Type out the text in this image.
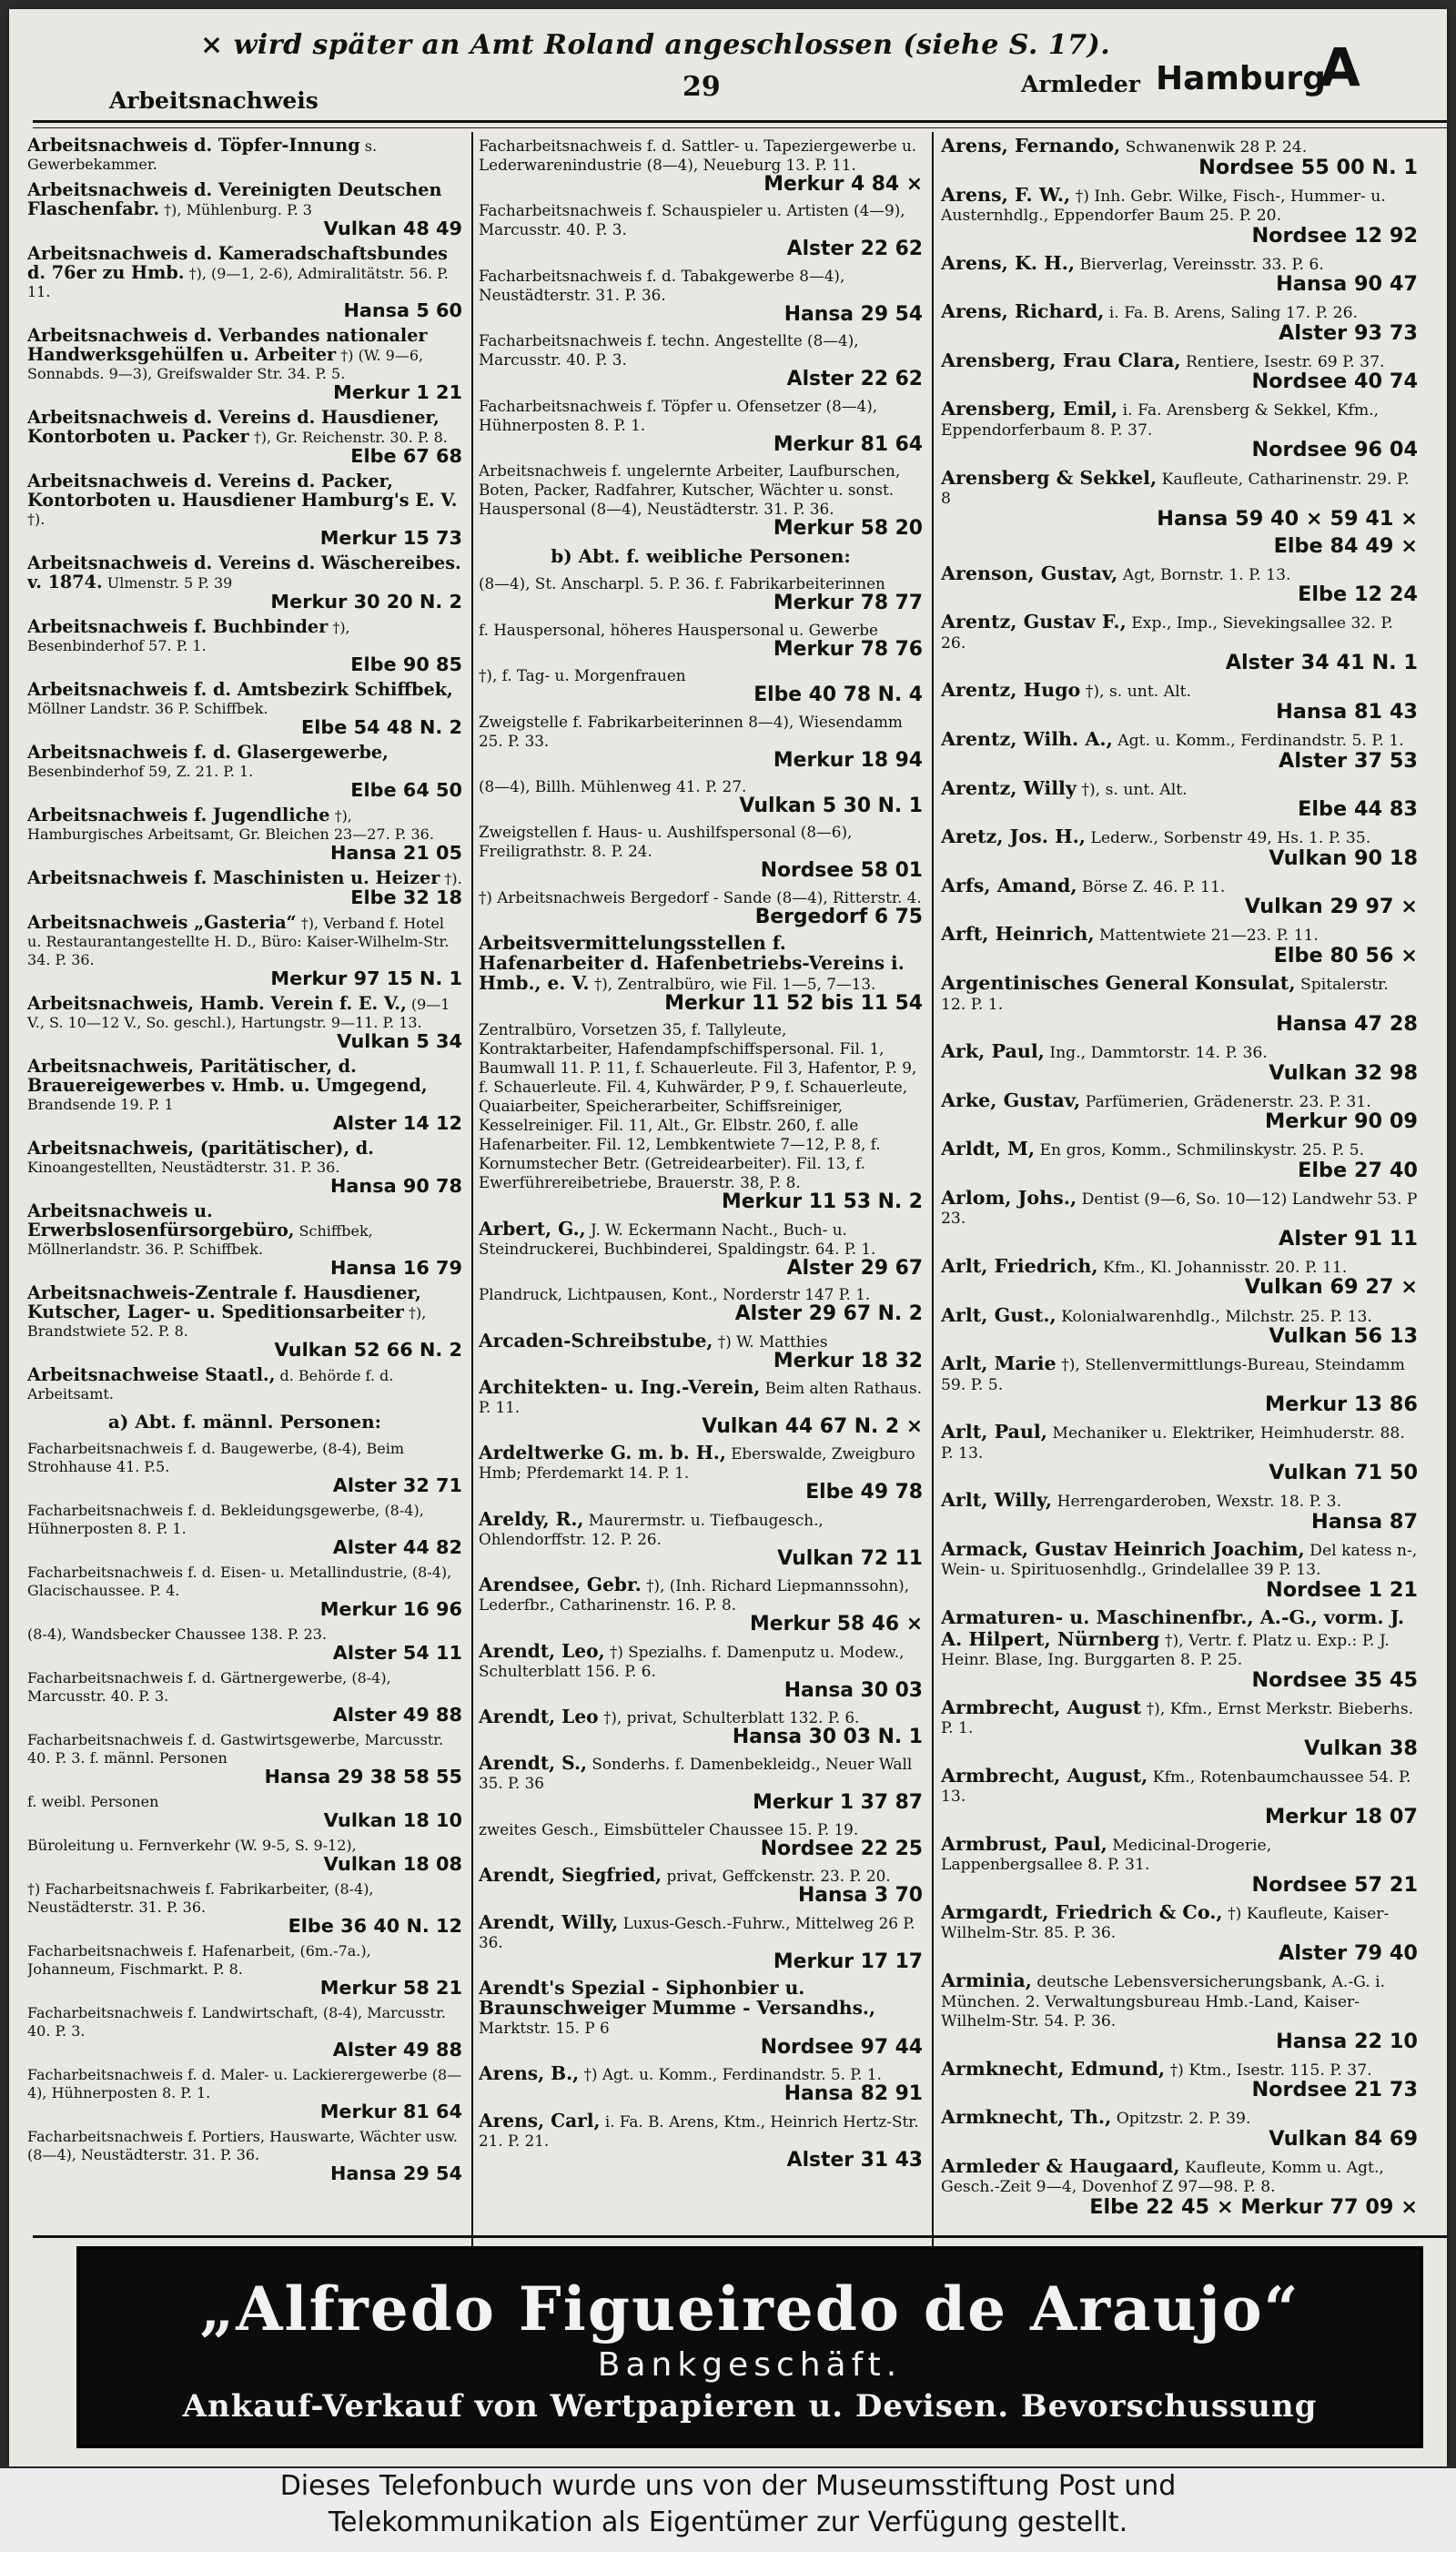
× wird später an Amt Roland angeschlossen (siehe S. 17).
Arbeitsnachweis	29	Armleder Hamburg
A
Arbeitsnachweis d. Töpfer-Innung s. Gewerbekammer.
Arbeitsnachweis d. Vereinigten Deutschen Flaschenfabr. †), Mühlenburg. P. 3
Vulkan 48 49
Arbeitsnachweis d. Kameradschaftsbundes d. 76er zu Hmb. †), (9—1, 2-6), Admiralitätstr. 56. P. 11.
Hansa 5 60
Arbeitsnachweis d. Verbandes nationaler Handwerksgehülfen u. Arbeiter †) (W. 9—6, Sonnabds. 9—3), Greifswalder Str. 34. P. 5.
Merkur 1 21
Arbeitsnachweis d. Vereins d. Hausdiener, Kontorboten u. Packer †), Gr. Reichenstr. 30. P. 8.
Elbe 67 68
Arbeitsnachweis d. Vereins d. Packer, Kontorboten u. Hausdiener Hamburg's E. V. †).
Merkur 15 73
Arbeitsnachweis d. Vereins d. Wäschereibes. v. 1874. Ulmenstr. 5 P. 39
Merkur 30 20 N. 2
Arbeitsnachweis f. Buchbinder †), Besenbinderhof 57. P. 1.
Elbe 90 85
Arbeitsnachweis f. d. Amtsbezirk Schiffbek, Möllner Landstr. 36 P. Schiffbek.
Elbe 54 48 N. 2
Arbeitsnachweis f. d. Glasergewerbe, Besenbinderhof 59, Z. 21. P. 1.
Elbe 64 50
Arbeitsnachweis f. Jugendliche †), Hamburgisches Arbeitsamt, Gr. Bleichen 23—27. P. 36.
Hansa 21 05
Arbeitsnachweis f. Maschinisten u. Heizer †).
Elbe 32 18
Arbeitsnachweis „Gasteria“ †), Verband f. Hotel u. Restaurantangestellte H. D., Büro: Kaiser-Wilhelm-Str. 34. P. 36.
Merkur 97 15 N. 1
Arbeitsnachweis, Hamb. Verein f. E. V., (9—1 V., S. 10—12 V., So. geschl.), Hartungstr. 9—11. P. 13.
Vulkan 5 34
Arbeitsnachweis, Paritätischer, d. Brauereigewerbes v. Hmb. u. Umgegend, Brandsende 19. P. 1
Alster 14 12
Arbeitsnachweis, (paritätischer), d. Kinoangestellten, Neustädterstr. 31. P. 36.
Hansa 90 78
Arbeitsnachweis u. Erwerbslosenfürsorgebüro, Schiffbek, Möllnerlandstr. 36. P. Schiffbek.
Hansa 16 79
Arbeitsnachweis-Zentrale f. Hausdiener, Kutscher, Lager- u. Speditionsarbeiter †), Brandstwiete 52. P. 8.
Vulkan 52 66 N. 2
Arbeitsnachweise Staatl., d. Behörde f. d. Arbeitsamt.
a) Abt. f. männl. Personen:
Facharbeitsnachweis f. d. Baugewerbe, (8-4), Beim Strohhause 41. P.5.
Alster 32 71
Facharbeitsnachweis f. d. Bekleidungsgewerbe, (8-4), Hühnerposten 8. P. 1.
Alster 44 82
Facharbeitsnachweis f. d. Eisen- u. Metallindustrie, (8-4), Glacischaussee. P. 4.
Merkur 16 96
(8-4), Wandsbecker Chaussee 138. P. 23.
Alster 54 11
Facharbeitsnachweis f. d. Gärtnergewerbe, (8-4), Marcusstr. 40. P. 3.
Alster 49 88
Facharbeitsnachweis f. d. Gastwirtsgewerbe, Marcusstr. 40. P. 3. f. männl. Personen
Hansa 29 38 58 55
f. weibl. Personen
Vulkan 18 10
Büroleitung u. Fernverkehr (W. 9-5, S. 9-12),
Vulkan 18 08
†) Facharbeitsnachweis f. Fabrikarbeiter, (8-4), Neustädterstr. 31. P. 36.
Elbe 36 40 N. 12
Facharbeitsnachweis f. Hafenarbeit, (6m.-7a.), Johanneum, Fischmarkt. P. 8.
Merkur 58 21
Facharbeitsnachweis f. Landwirtschaft, (8-4), Marcusstr. 40. P. 3.
Alster 49 88
Facharbeitsnachweis f. d. Maler- u. Lackierergewerbe (8—4), Hühnerposten 8. P. 1.
Merkur 81 64
Facharbeitsnachweis f. Portiers, Hauswarte, Wächter usw. (8—4), Neustädterstr. 31. P. 36.
Hansa 29 54
Facharbeitsnachweis f. d. Sattler- u. Tapeziergewerbe u. Lederwarenindustrie (8—4), Neueburg 13. P. 11.
Merkur 4 84 ×
Facharbeitsnachweis f. Schauspieler u. Artisten (4—9), Marcusstr. 40. P. 3.
Alster 22 62
Facharbeitsnachweis f. d. Tabakgewerbe 8—4), Neustädterstr. 31. P. 36.
Hansa 29 54
Facharbeitsnachweis f. techn. Angestellte (8—4), Marcusstr. 40. P. 3.
Alster 22 62
Facharbeitsnachweis f. Töpfer u. Ofensetzer (8—4), Hühnerposten 8. P. 1.
Merkur 81 64
Arbeitsnachweis f. ungelernte Arbeiter, Laufburschen, Boten, Packer, Radfahrer, Kutscher, Wächter u. sonst. Hauspersonal (8—4), Neustädterstr. 31. P. 36.
Merkur 58 20
b) Abt. f. weibliche Personen:
(8—4), St. Anscharpl. 5. P. 36. f. Fabrikarbeiterinnen
Merkur 78 77
f. Hauspersonal, höheres Hauspersonal u. Gewerbe
Merkur 78 76
†), f. Tag- u. Morgenfrauen
Elbe 40 78 N. 4
Zweigstelle f. Fabrikarbeiterinnen 8—4), Wiesendamm 25. P. 33.
Merkur 18 94
(8—4), Billh. Mühlenweg 41. P. 27.
Vulkan 5 30 N. 1
Zweigstellen f. Haus- u. Aushilfspersonal (8—6), Freiligrathstr. 8. P. 24.
Nordsee 58 01
†) Arbeitsnachweis Bergedorf - Sande (8—4), Ritterstr. 4.
Bergedorf 6 75
Arbeitsvermittelungsstellen f. Hafenarbeiter d. Hafenbetriebs-Vereins i. Hmb., e. V. †), Zentralbüro, wie Fil. 1—5, 7—13.
Merkur 11 52 bis 11 54
Zentralbüro, Vorsetzen 35, f. Tallyleute, Kontraktarbeiter, Hafendampfschiffspersonal. Fil. 1, Baumwall 11. P. 11, f. Schauerleute. Fil 3, Hafentor, P. 9, f. Schauerleute. Fil. 4, Kuhwärder, P 9, f. Schauerleute, Quaiarbeiter, Speicherarbeiter, Schiffsreiniger, Kesselreiniger. Fil. 11, Alt., Gr. Elbstr. 260, f. alle Hafenarbeiter. Fil. 12, Lembkentwiete 7—12, P. 8, f. Kornumstecher Betr. (Getreidearbeiter). Fil. 13, f. Ewerführereibetriebe, Brauerstr. 38, P. 8.
Merkur 11 53 N. 2
Arbert, G., J. W. Eckermann Nacht., Buch- u. Steindruckerei, Buchbinderei, Spaldingstr. 64. P. 1.
Alster 29 67
Plandruck, Lichtpausen, Kont., Norderstr 147 P. 1.
Alster 29 67 N. 2
Arcaden-Schreibstube, †) W. Matthies
Merkur 18 32
Architekten- u. Ing.-Verein, Beim alten Rathaus. P. 11.
Vulkan 44 67 N. 2 ×
Ardeltwerke G. m. b. H., Eberswalde, Zweigburo Hmb; Pferdemarkt 14. P. 1.
Elbe 49 78
Areldy, R., Maurermstr. u. Tiefbaugesch., Ohlendorffstr. 12. P. 26.
Vulkan 72 11
Arendsee, Gebr. †), (Inh. Richard Liepmannssohn), Lederfbr., Catharinenstr. 16. P. 8.
Merkur 58 46 ×
Arendt, Leo, †) Spezialhs. f. Damenputz u. Modew., Schulterblatt 156. P. 6.
Hansa 30 03
Arendt, Leo †), privat, Schulterblatt 132. P. 6.
Hansa 30 03 N. 1
Arendt, S., Sonderhs. f. Damenbekleidg., Neuer Wall 35. P. 36
Merkur 1 37 87
zweites Gesch., Eimsbütteler Chaussee 15. P. 19.
Nordsee 22 25
Arendt, Siegfried, privat, Geffckenstr. 23. P. 20.
Hansa 3 70
Arendt, Willy, Luxus-Gesch.-Fuhrw., Mittelweg 26 P. 36.
Merkur 17 17
Arendt's Spezial - Siphonbier u. Braunschweiger Mumme - Versandhs., Marktstr. 15. P 6
Nordsee 97 44
Arens, B., †) Agt. u. Komm., Ferdinandstr. 5. P. 1.
Hansa 82 91
Arens, Carl, i. Fa. B. Arens, Ktm., Heinrich Hertz-Str. 21. P. 21.
Alster 31 43
Arens, Fernando, Schwanenwik 28 P. 24.
Nordsee 55 00 N. 1
Arens, F. W., †) Inh. Gebr. Wilke, Fisch-, Hummer- u. Austernhdlg., Eppendorfer Baum 25. P. 20.
Nordsee 12 92
Arens, K. H., Bierverlag, Vereinsstr. 33. P. 6.
Hansa 90 47
Arens, Richard, i. Fa. B. Arens, Saling 17. P. 26.
Alster 93 73
Arensberg, Frau Clara, Rentiere, Isestr. 69 P. 37.
Nordsee 40 74
Arensberg, Emil, i. Fa. Arensberg & Sekkel, Kfm., Eppendorferbaum 8. P. 37.
Nordsee 96 04
Arensberg & Sekkel, Kaufleute, Catharinenstr. 29. P. 8
Hansa 59 40 × 59 41 ×
Elbe 84 49 ×
Arenson, Gustav, Agt, Bornstr. 1. P. 13.
Elbe 12 24
Arentz, Gustav F., Exp., Imp., Sievekingsallee 32. P. 26.
Alster 34 41 N. 1
Arentz, Hugo †), s. unt. Alt.
Hansa 81 43
Arentz, Wilh. A., Agt. u. Komm., Ferdinandstr. 5. P. 1.
Alster 37 53
Arentz, Willy †), s. unt. Alt.
Elbe 44 83
Aretz, Jos. H., Lederw., Sorbenstr 49, Hs. 1. P. 35.
Vulkan 90 18
Arfs, Amand, Börse Z. 46. P. 11.
Vulkan 29 97 ×
Arft, Heinrich, Mattentwiete 21—23. P. 11.
Elbe 80 56 ×
Argentinisches General Konsulat, Spitalerstr. 12. P. 1.
Hansa 47 28
Ark, Paul, Ing., Dammtorstr. 14. P. 36.
Vulkan 32 98
Arke, Gustav, Parfümerien, Grädenerstr. 23. P. 31.
Merkur 90 09
Arldt, M, En gros, Komm., Schmilinskystr. 25. P. 5.
Elbe 27 40
Arlom, Johs., Dentist (9—6, So. 10—12) Landwehr 53. P 23.
Alster 91 11
Arlt, Friedrich, Kfm., Kl. Johannisstr. 20. P. 11.
Vulkan 69 27 ×
Arlt, Gust., Kolonialwarenhdlg., Milchstr. 25. P. 13.
Vulkan 56 13
Arlt, Marie †), Stellenvermittlungs-Bureau, Steindamm 59. P. 5.
Merkur 13 86
Arlt, Paul, Mechaniker u. Elektriker, Heimhuderstr. 88. P. 13.
Vulkan 71 50
Arlt, Willy, Herrengarderoben, Wexstr. 18. P. 3.
Hansa 87
Armack, Gustav Heinrich Joachim, Del katess n-, Wein- u. Spirituosenhdlg., Grindelallee 39 P. 13.
Nordsee 1 21
Armaturen- u. Maschinenfbr., A.-G., vorm. J. A. Hilpert, Nürnberg †), Vertr. f. Platz u. Exp.: P. J. Heinr. Blase, Ing. Burggarten 8. P. 25.
Nordsee 35 45
Armbrecht, August †), Kfm., Ernst Merkstr. Bieberhs. P. 1.
Vulkan 38
Armbrecht, August, Kfm., Rotenbaumchaussee 54. P. 13.
Merkur 18 07
Armbrust, Paul, Medicinal-Drogerie, Lappenbergsallee 8. P. 31.
Nordsee 57 21
Armgardt, Friedrich & Co., †) Kaufleute, Kaiser-Wilhelm-Str. 85. P. 36.
Alster 79 40
Arminia, deutsche Lebensversicherungsbank, A.-G. i. München. 2. Verwaltungsbureau Hmb.-Land, Kaiser-Wilhelm-Str. 54. P. 36.
Hansa 22 10
Armknecht, Edmund, †) Ktm., Isestr. 115. P. 37.
Nordsee 21 73
Armknecht, Th., Opitzstr. 2. P. 39.
Vulkan 84 69
Armleder & Haugaard, Kaufleute, Komm u. Agt., Gesch.-Zeit 9—4, Dovenhof Z 97—98. P. 8.
Elbe 22 45 × Merkur 77 09 ×
„Alfredo Figueiredo de Araujo“
Bankgeschäft.
Ankauf-Verkauf von Wertpapieren u. Devisen. Bevorschussung
Dieses Telefonbuch wurde uns von der Museumsstiftung Post und
Telekommunikation als Eigentümer zur Verfügung gestellt.
